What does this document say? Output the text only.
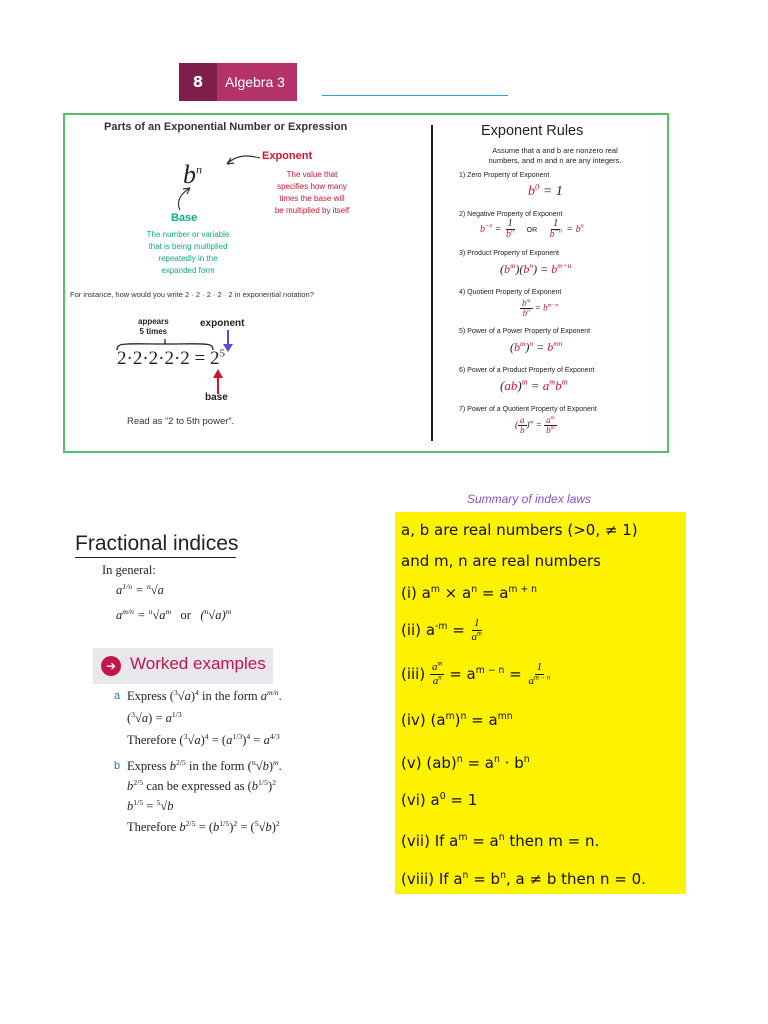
8	Algebra 3
Parts of an Exponential Number or Expression
$b^n$
Exponent
The value that
specifies how many
times the base will
be multiplied by itself
Base
The number or variable
that is being multiplied
repeatedly in the
expanded form
For instance, how would you write 2 · 2 · 2 · 2 · 2 in exponential notation?
appears
5 times
exponent
$2\cdot 2\cdot 2\cdot 2\cdot 2 = 2^5$
base
Read as “2 to 5th power”.
Exponent Rules
Assume that a and b are nonzero real
numbers, and m and n are any integers.
1) Zero Property of Exponent
$b^0 = 1$
2) Negative Property of Exponent
$b^{-n} = \frac{1}{b^n}$ OR $\frac{1}{b^{-n}} = b^n$
3) Product Property of Exponent
$(b^m)(b^n) = b^{m+n}$
4) Quotient Property of Exponent
$\frac{b^m}{b^n} = b^{m-n}$
5) Power of a Power Property of Exponent
$(b^m)^n = b^{mn}$
6) Power of a Product Property of Exponent
$(ab)^m = a^mb^m$
7) Power of a Quotient Property of Exponent
( $\frac{a}{b} )^m = \frac{a^m}{b^m}$
Fractional indices
In general:
$a^{1/n} = ^n√a$
$a^{m/n} = ^n√a^m$ or   $(^n√a)^m$
➔ Worked examples
a Express $(^3√a)^4$ in the form $a^{m/n}$.
$(^3√a) = a^{1/3}$
Therefore $(^3√a)^4 = (a^{1/3})^4 = a^{4/3}$
b Express $b^{2/5}$ in the form $(^n√b)^m$.
$b^{2/5}$ can be expressed as $(b^{1/5})^2$
$b^{1/5} = ^5√b$
Therefore $b^{2/5} = (b^{1/5})^2 = (^5√b)^2$
Summary of index laws
a, b are real numbers (>0, ≠ 1)
and m, n are real numbers
(i) $a^m \times a^n = a^{m + n}$
(ii) $a^{-m} = \frac{1}{a^m}$
$(iii) \frac{a^m}{a^n} = a^{m - n} = \frac{1}{a^{m - n}}$
(iv) $(a^m)^n = a^{mn}$
(v) $(ab)^n = a^n \cdot b^n$
(vi) $a^0 = 1$
(vii) If $a^m = a^n$ then m = n.
(viii) If $a^n = b^n$, a ≠ b then n = 0.
